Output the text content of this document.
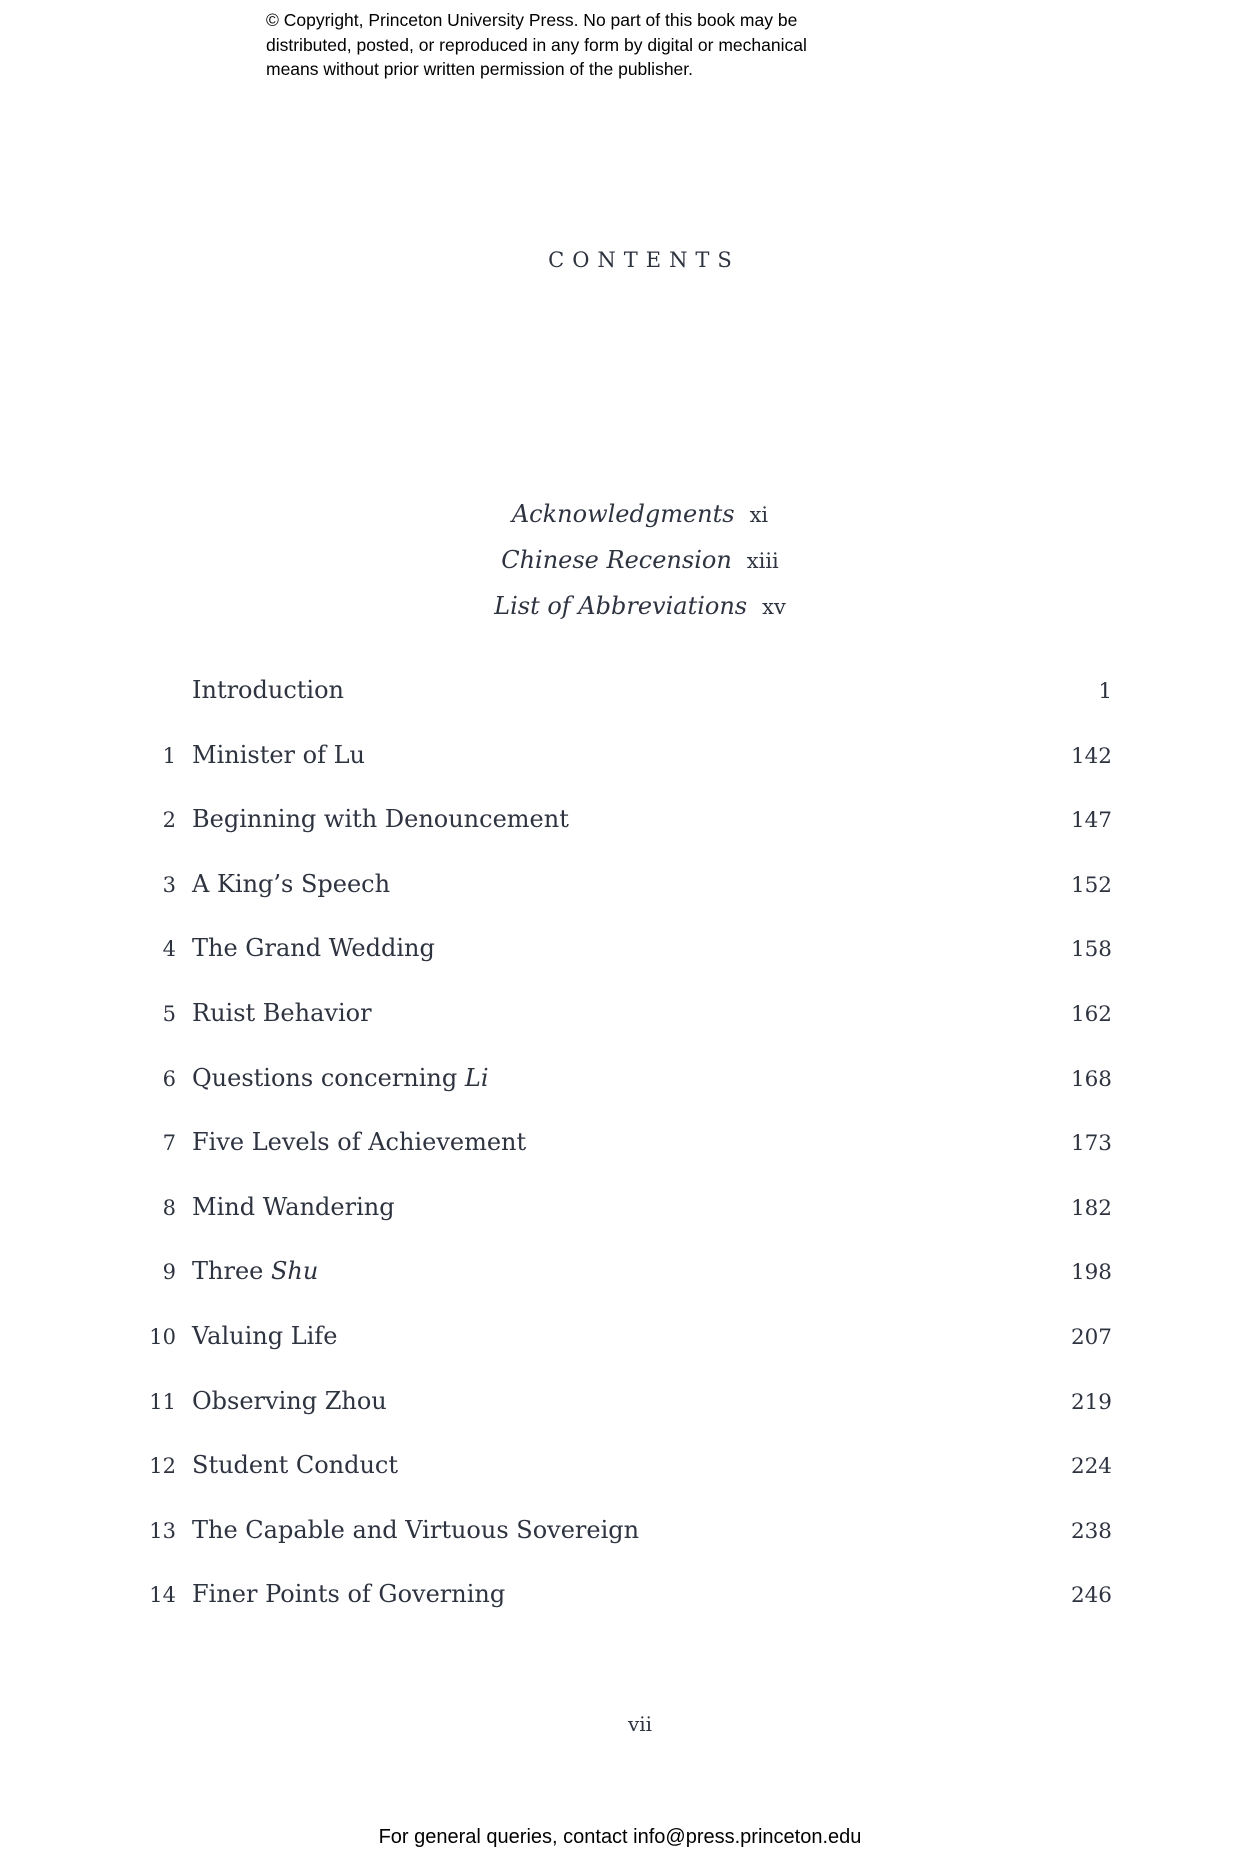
© Copyright, Princeton University Press. No part of this book may be
distributed, posted, or reproduced in any form by digital or mechanical
means without prior written permission of the publisher.
CONTENTS
Acknowledgments xi
Chinese Recension xiii
List of Abbreviations xv
Introduction	1
1 Minister of Lu	142
2 Beginning with Denouncement	147
3 A King’s Speech	152
4 The Grand Wedding	158
5 Ruist Behavior	162
6 Questions concerning Li	168
7 Five Levels of Achievement	173
8 Mind Wandering	182
9 Three Shu	198
10 Valuing Life	207
11 Observing Zhou	219
12 Student Conduct	224
13 The Capable and Virtuous Sovereign	238
14 Finer Points of Governing	246
vii
For general queries, contact info@press.princeton.edu
